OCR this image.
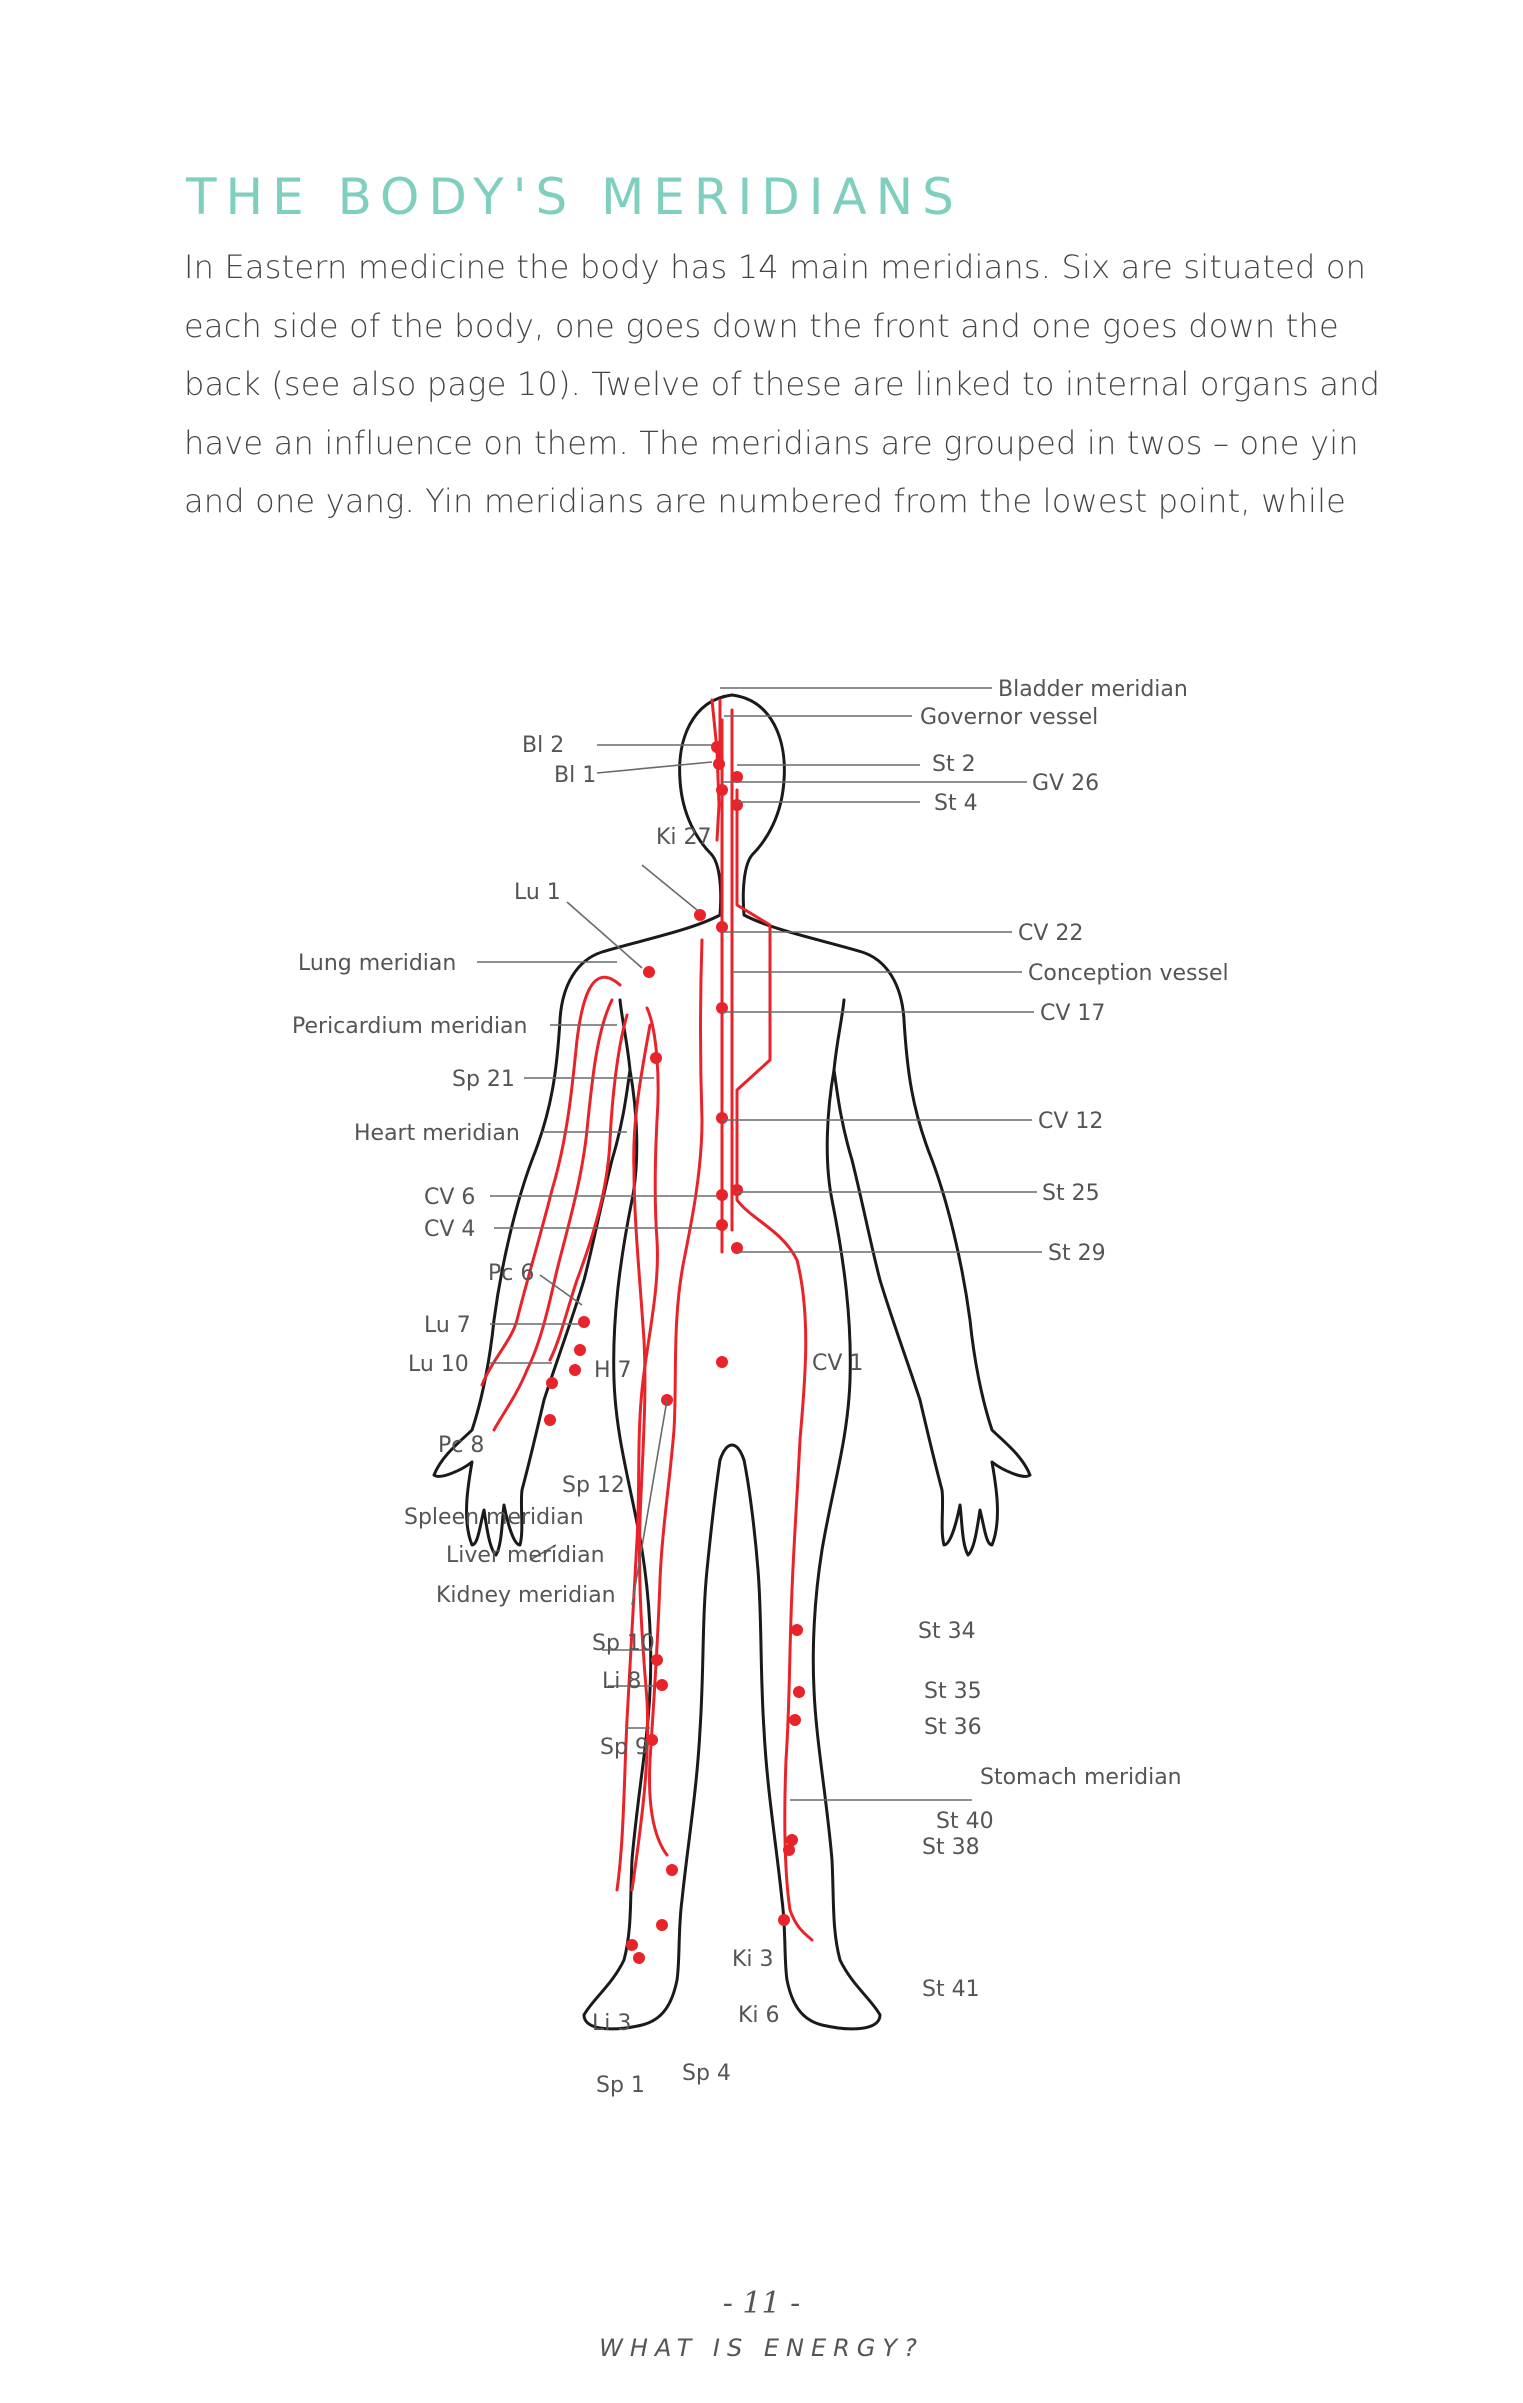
THE BODY'S MERIDIANS

In Eastern medicine the body has 14 main meridians. Six are situated on

each side of the body, one goes down the front and one goes down the

back (see also page 10). Twelve of these are linked to internal organs and

have an influence on them. The meridians are grouped in twos – one yin

and one yang. Yin meridians are numbered from the lowest point, while

Bladder meridian
Governor vessel
St 2
GV 26
St 4
Bl 2
Bl 1
Ki 27
Lu 1
Lung meridian
Pericardium meridian
Sp 21
Heart meridian
CV 22
Conception vessel
CV 17
CV 12
St 25
St 29
CV 6
CV 4
Pc 6
Lu 7
Lu 10	H 7	CV 1
Pc 8
Sp 12
Spleen meridian
Liver meridian
Kidney meridian
Sp 10
Li 8
Sp 9
St 34
St 35
St 36
Stomach meridian
St 40
St 38
Ki 3
Ki 6
Li 3
St 41
Sp 1 Sp 4
- 11 -
WHAT IS ENERGY?
